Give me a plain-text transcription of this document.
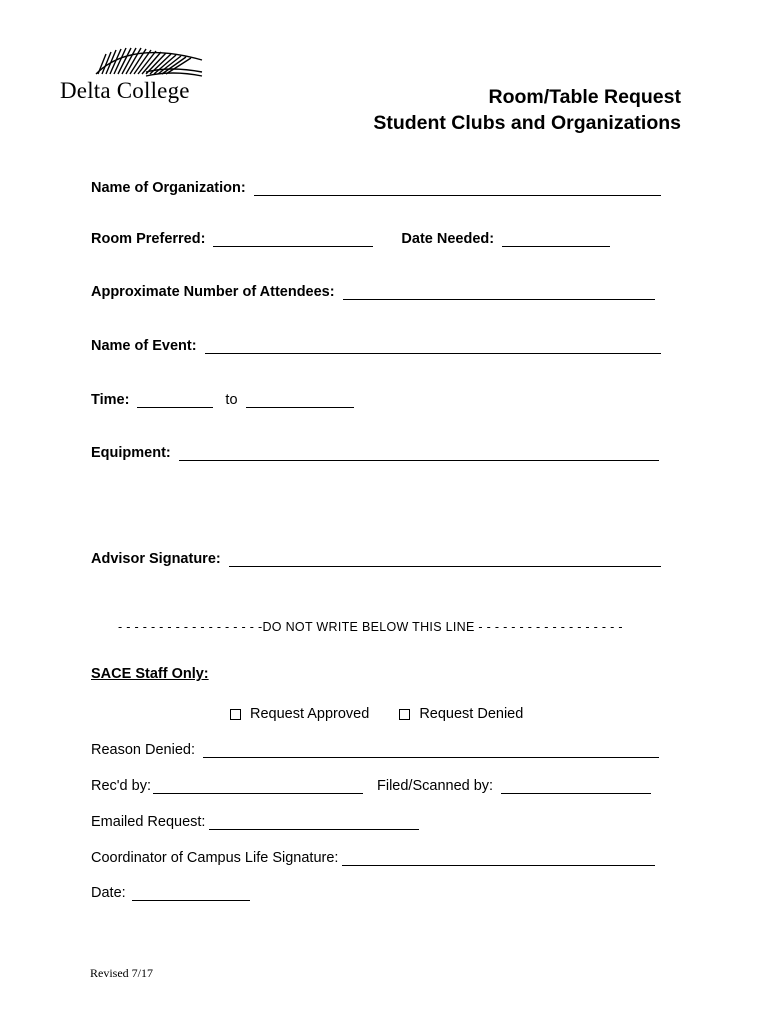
Delta College	Room/Table Request
Student Clubs and Organizations
Name of Organization:
Room Preferred:	Date Needed:
Approximate Number of Attendees:
Name of Event:
Time:	to
Equipment:
Advisor Signature:
- - - - - - - - - - - - - - - - - -DO NOT WRITE BELOW THIS LINE - - - - - - - - - - - - - - - - - -
SACE Staff Only:
Request Approved	Request Denied
Reason Denied:
Rec'd by:	Filed/Scanned by:
Emailed Request:
Coordinator of Campus Life Signature:
Date:
Revised 7/17
